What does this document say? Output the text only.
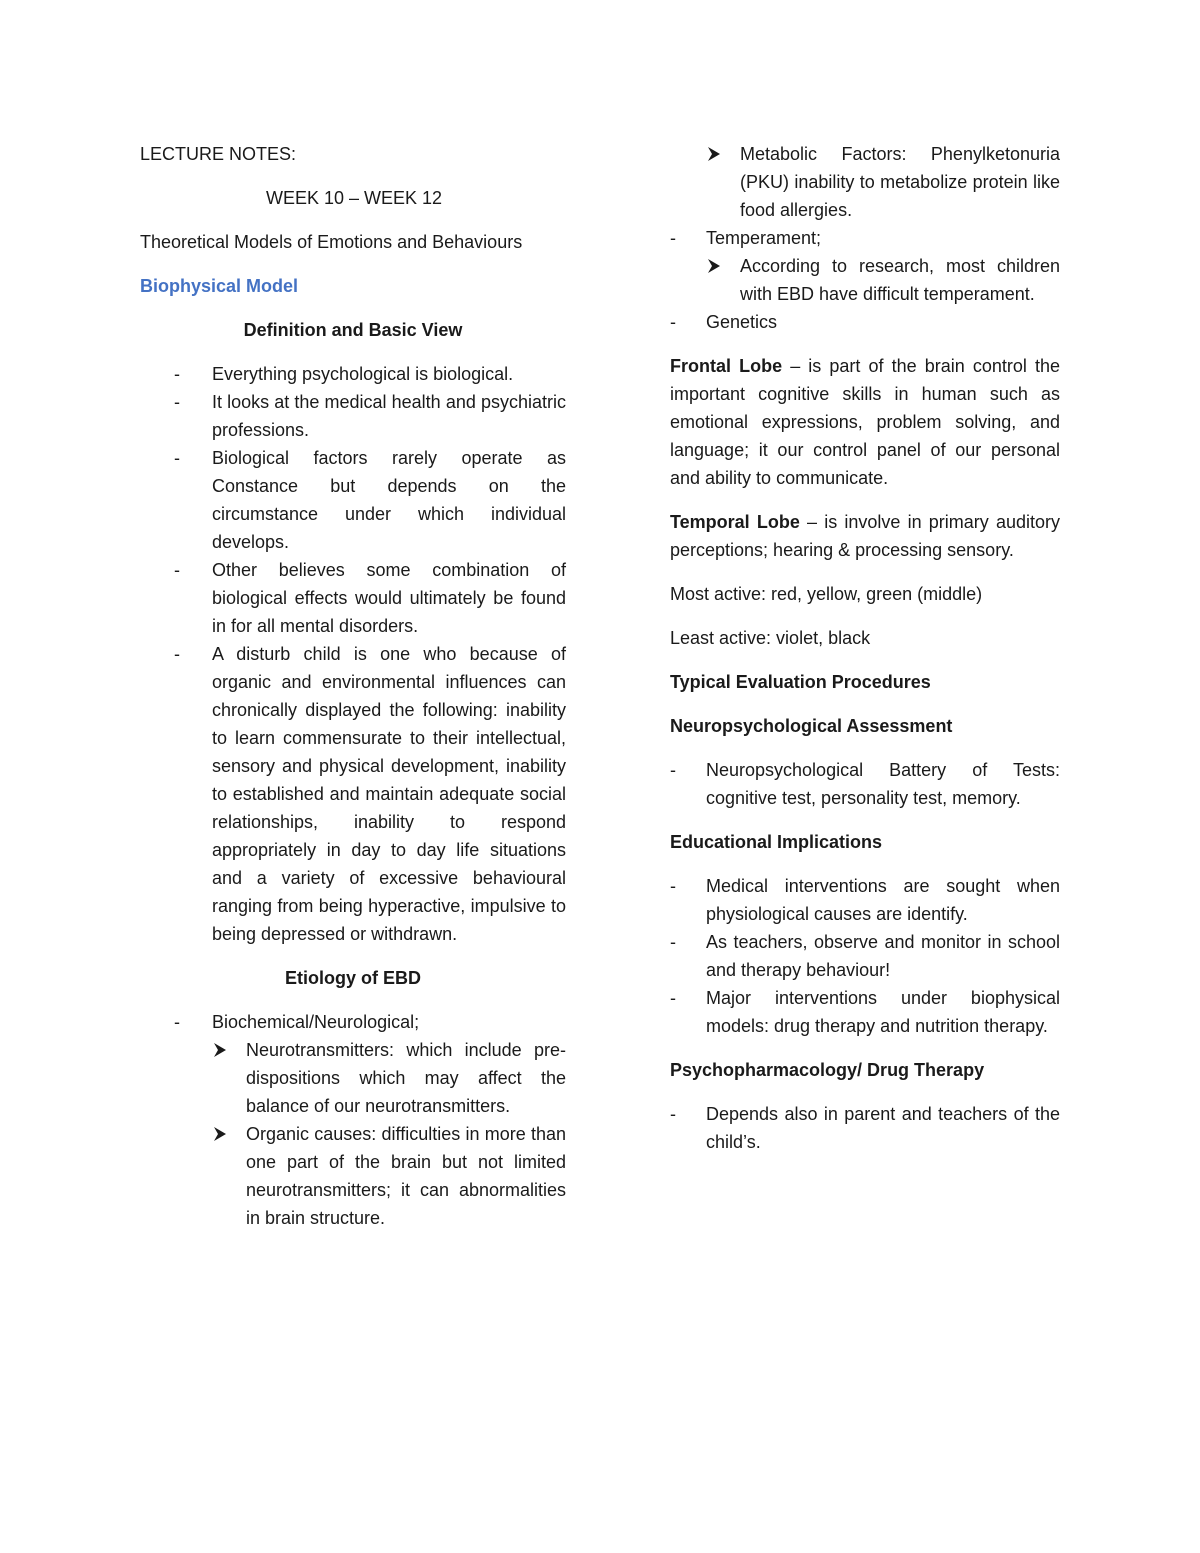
LECTURE NOTES:

WEEK 10 – WEEK 12

Theoretical Models of Emotions and Behaviours

Biophysical Model

Definition and Basic View

- Everything psychological is biological.
- It looks at the medical health and psychiatric professions.
- Biological factors rarely operate as Constance but depends on the circumstance under which individual develops.
- Other believes some combination of biological effects would ultimately be found in for all mental disorders.
- A disturb child is one who because of organic and environmental influences can chronically displayed the following: inability to learn commensurate to their intellectual, sensory and physical development, inability to established and maintain adequate social relationships, inability to respond appropriately in day to day life situations and a variety of excessive behavioural ranging from being hyperactive, impulsive to being depressed or withdrawn.

Etiology of EBD

- Biochemical/Neurological;
Neurotransmitters: which include pre-dispositions which may affect the balance of our neurotransmitters.
Organic causes: difficulties in more than one part of the brain but not limited neurotransmitters; it can abnormalities in brain structure.
Metabolic Factors: Phenylketonuria (PKU) inability to metabolize protein like food allergies.
- Temperament;
According to research, most children with EBD have difficult temperament.
- Genetics

Frontal Lobe – is part of the brain control the important cognitive skills in human such as emotional expressions, problem solving, and language; it our control panel of our personal and ability to communicate.

Temporal Lobe – is involve in primary auditory perceptions; hearing & processing sensory.

Most active: red, yellow, green (middle)

Least active: violet, black

Typical Evaluation Procedures

Neuropsychological Assessment

- Neuropsychological Battery of Tests: cognitive test, personality test, memory.

Educational Implications

- Medical interventions are sought when physiological causes are identify.
- As teachers, observe and monitor in school and therapy behaviour!
- Major interventions under biophysical models: drug therapy and nutrition therapy.

Psychopharmacology/ Drug Therapy

- Depends also in parent and teachers of the child’s.
